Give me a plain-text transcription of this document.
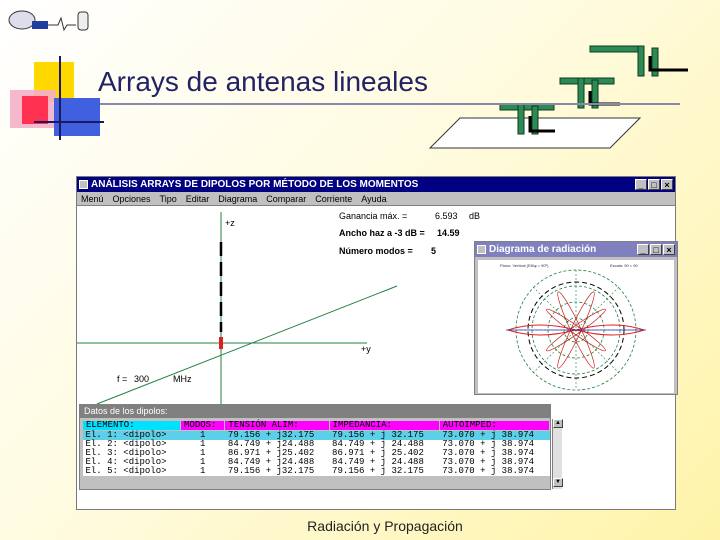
Arrays de antenas lineales
ANÁLISIS ARRAYS DE DIPOLOS POR MÉTODO DE LOS MOMENTOS	_ □ ×
Menú Opciones Tipo Editar Diagrama Comparar Corriente Ayuda
+z
+y
f = 300	MHz
Ganancia máx. =	6.593 dB
Ancho haz a -3 dB = 14.59
Número modos = 5	Diagrama de radiación	_ □ ×
Plano: Vertical (Eθ/φ = 90º)	Escala: 90 = 90
Datos de los dipolos:
ELEMENTO:	MODOS:	TENSIÓN ALIM:	IMPEDANCIA:	AUTOIMPED:
El. 1: <dipolo>	1	79.156 + j32.175	79.156 + j 32.175	73.070 + j 38.974
El. 2: <dipolo>	1	84.749 + j24.488	84.749 + j 24.488	73.070 + j 38.974
El. 3: <dipolo>	1	86.971 + j25.402	86.971 + j 25.402	73.070 + j 38.974
El. 4: <dipolo>	1	84.749 + j24.488	84.749 + j 24.488	73.070 + j 38.974
El. 5: <dipolo>	1	79.156 + j32.175	79.156 + j 32.175	73.070 + j 38.974
▲
▼
Radiación y Propagación
